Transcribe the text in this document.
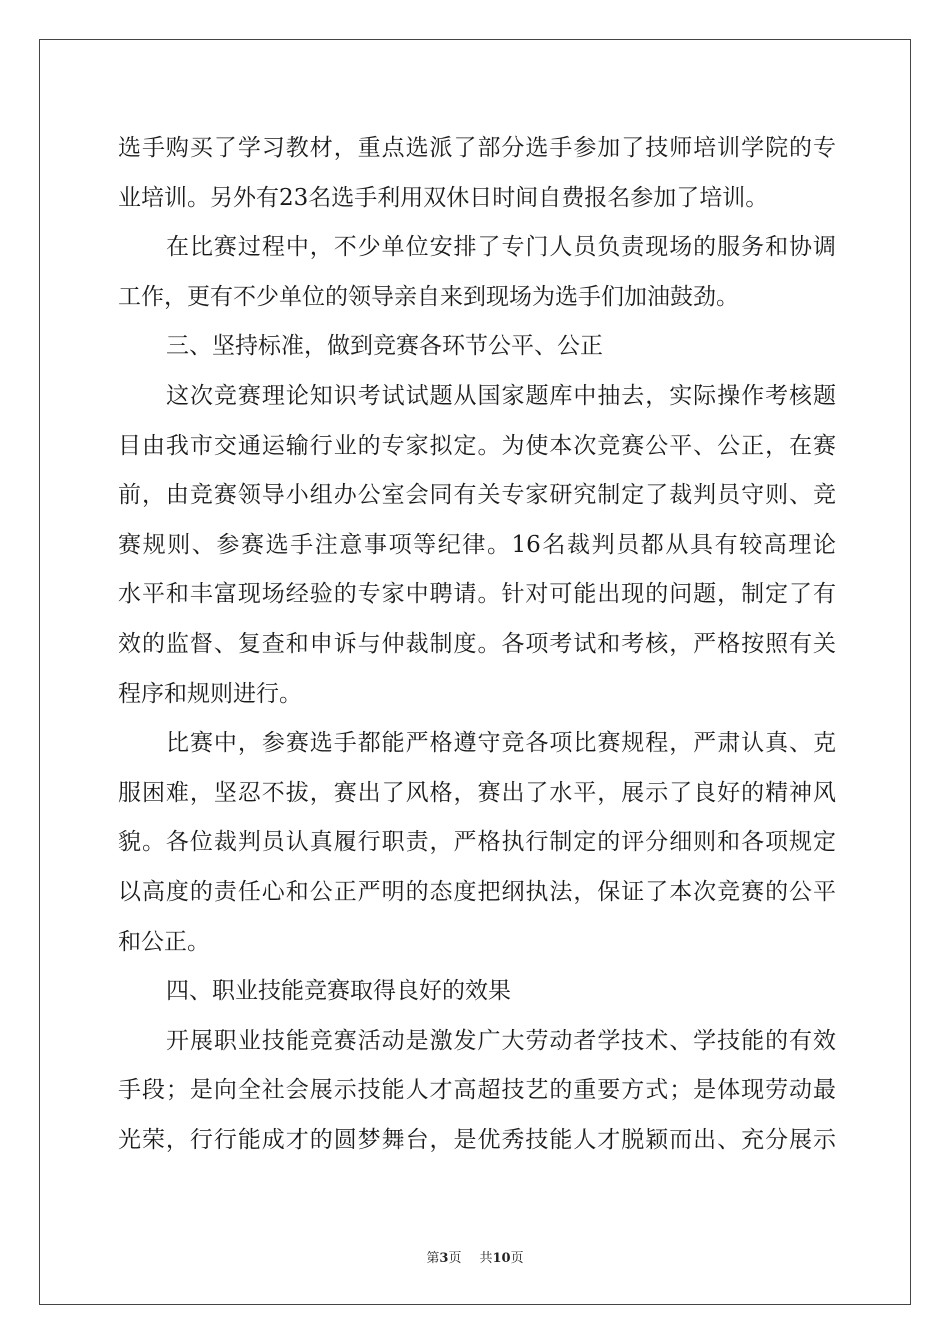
选手购买了学习教材，重点选派了部分选手参加了技师培训学院的专
业培训。另外有23名选手利用双休日时间自费报名参加了培训。
在比赛过程中，不少单位安排了专门人员负责现场的服务和协调
工作，更有不少单位的领导亲自来到现场为选手们加油鼓劲。
三、坚持标准，做到竞赛各环节公平、公正
这次竞赛理论知识考试试题从国家题库中抽去，实际操作考核题
目由我市交通运输行业的专家拟定。为使本次竞赛公平、公正，在赛
前，由竞赛领导小组办公室会同有关专家研究制定了裁判员守则、竞
赛规则、参赛选手注意事项等纪律。16名裁判员都从具有较高理论
水平和丰富现场经验的专家中聘请。针对可能出现的问题，制定了有
效的监督、复查和申诉与仲裁制度。各项考试和考核，严格按照有关
程序和规则进行。
比赛中，参赛选手都能严格遵守竞各项比赛规程，严肃认真、克
服困难，坚忍不拔，赛出了风格，赛出了水平，展示了良好的精神风
貌。各位裁判员认真履行职责，严格执行制定的评分细则和各项规定
以高度的责任心和公正严明的态度把纲执法，保证了本次竞赛的公平
和公正。
四、职业技能竞赛取得良好的效果
开展职业技能竞赛活动是激发广大劳动者学技术、学技能的有效
手段；是向全社会展示技能人才高超技艺的重要方式；是体现劳动最
光荣，行行能成才的圆梦舞台，是优秀技能人才脱颖而出、充分展示
第3页 共10页
